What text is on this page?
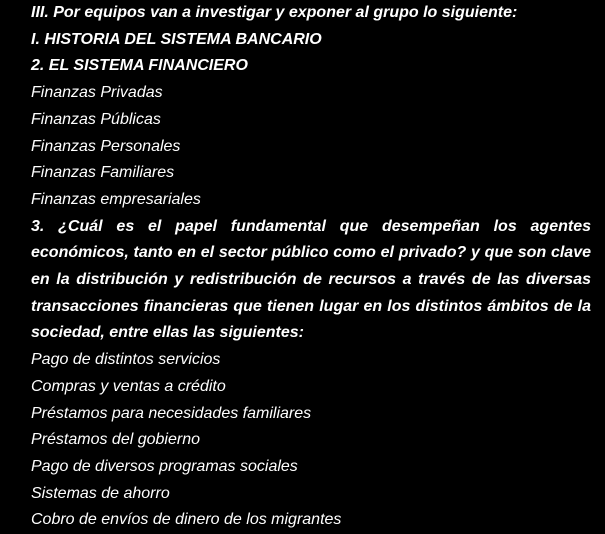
III. Por equipos van a investigar y exponer al grupo lo siguiente:

I. HISTORIA DEL SISTEMA BANCARIO

2. EL SISTEMA FINANCIERO

Finanzas Privadas

Finanzas Públicas

Finanzas Personales

Finanzas Familiares

Finanzas empresariales

3. ¿Cuál es el papel fundamental que desempeñan los agentes económicos, tanto en el sector público como el privado? y que son clave en la distribución y redistribución de recursos a través de las diversas transacciones financieras que tienen lugar en los distintos ámbitos de la sociedad, entre ellas las siguientes:

Pago de distintos servicios

Compras y ventas a crédito

Préstamos para necesidades familiares

Préstamos del gobierno

Pago de diversos programas sociales

Sistemas de ahorro

Cobro de envíos de dinero de los migrantes
